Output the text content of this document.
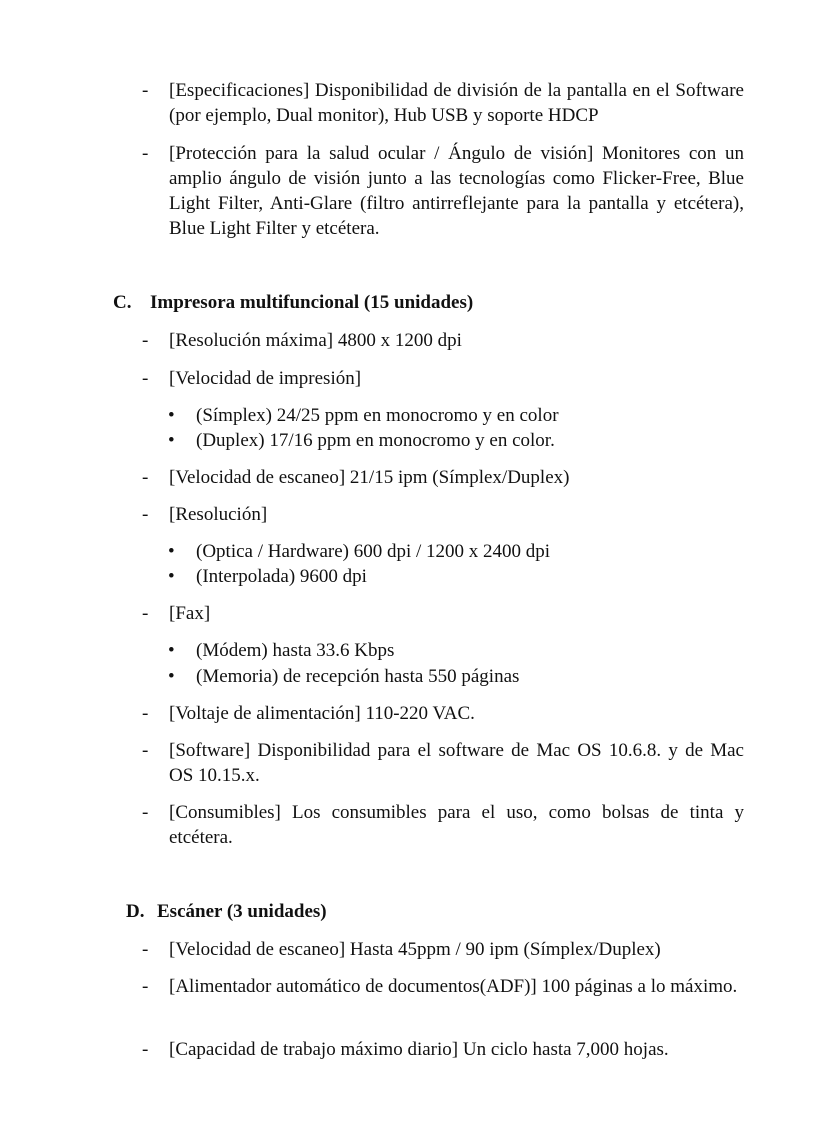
-	[Especificaciones] Disponibilidad de división de la pantalla en el Software (por ejemplo, Dual monitor), Hub USB y soporte HDCP
-	[Protección para la salud ocular / Ángulo de visión] Monitores con un amplio ángulo de visión junto a las tecnologías como Flicker-Free, Blue Light Filter, Anti-Glare (filtro antirreflejante para la pantalla y etcétera), Blue Light Filter y etcétera.
C. Impresora multifuncional (15 unidades)
-	[Resolución máxima] 4800 x 1200 dpi
-	[Velocidad de impresión]
• (Símplex) 24/25 ppm en monocromo y en color
• (Duplex) 17/16 ppm en monocromo y en color.
-	[Velocidad de escaneo] 21/15 ipm (Símplex/Duplex)
-	[Resolución]
• (Optica / Hardware) 600 dpi / 1200 x 2400 dpi
• (Interpolada) 9600 dpi
-	[Fax]
• (Módem) hasta 33.6 Kbps
• (Memoria) de recepción hasta 550 páginas
-	[Voltaje de alimentación] 110-220 VAC.
-	[Software] Disponibilidad para el software de Mac OS 10.6.8. y de Mac OS 10.15.x.
-	[Consumibles] Los consumibles para el uso, como bolsas de tinta y etcétera.
D. Escáner (3 unidades)
-	[Velocidad de escaneo] Hasta 45ppm / 90 ipm (Símplex/Duplex)
-	[Alimentador automático de documentos(ADF)] 100 páginas a lo máximo.
-	[Capacidad de trabajo máximo diario] Un ciclo hasta 7,000 hojas.
